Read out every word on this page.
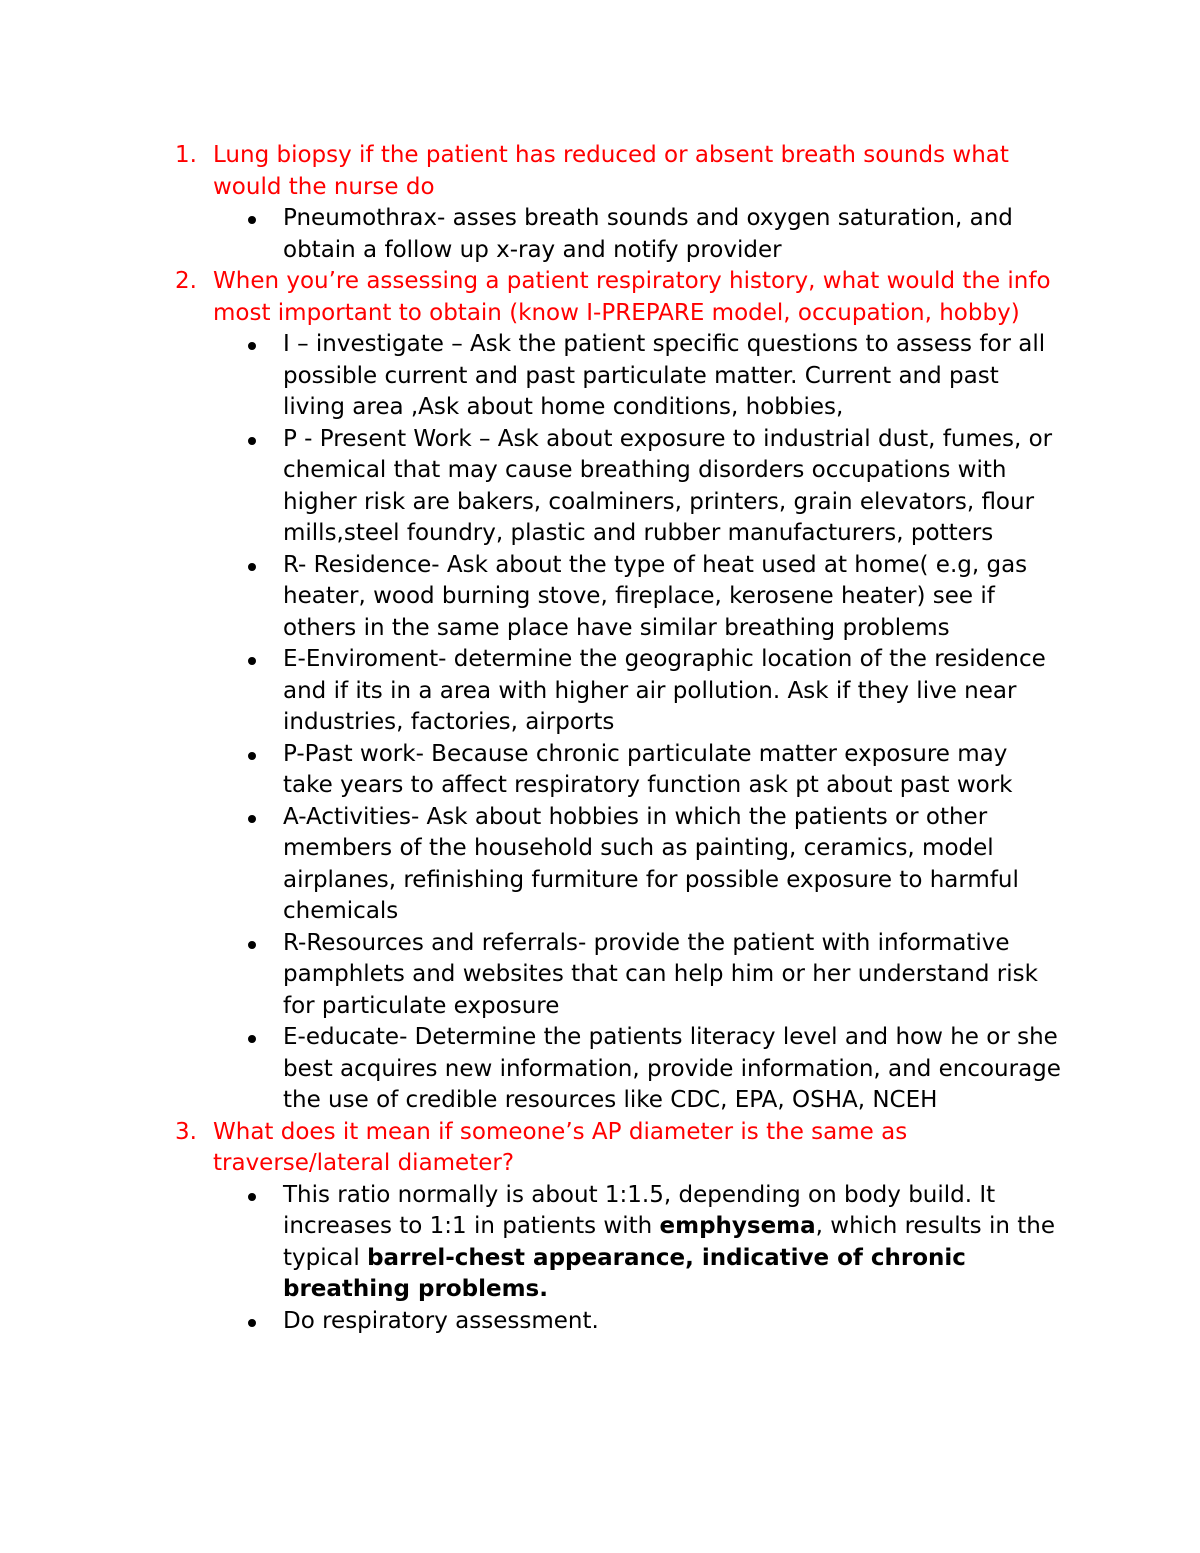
1. Lung biopsy if the patient has reduced or absent breath sounds what would the nurse do
Pneumothrax- asses breath sounds and oxygen saturation, and obtain a follow up x-ray and notify provider
2. When you’re assessing a patient respiratory history, what would the info most important to obtain (know I-PREPARE model, occupation, hobby)
I – investigate – Ask the patient specific questions to assess for all possible current and past particulate matter. Current and past living area ,Ask about home conditions, hobbies,
P - Present Work – Ask about exposure to industrial dust, fumes, or chemical that may cause breathing disorders occupations with higher risk are bakers, coalminers, printers, grain elevators, flour mills,steel foundry, plastic and rubber manufacturers, potters
R- Residence- Ask about the type of heat used at home( e.g, gas heater, wood burning stove, fireplace, kerosene heater) see if others in the same place have similar breathing problems
E-Enviroment- determine the geographic location of the residence and if its in a area with higher air pollution. Ask if they live near industries, factories, airports
P-Past work- Because chronic particulate matter exposure may take years to affect respiratory function ask pt about past work
A-Activities- Ask about hobbies in which the patients or other members of the household such as painting, ceramics, model airplanes, refinishing furmiture for possible exposure to harmful chemicals
R-Resources and referrals- provide the patient with informative pamphlets and websites that can help him or her understand risk for particulate exposure
E-educate- Determine the patients literacy level and how he or she best acquires new information, provide information, and encourage the use of credible resources like CDC, EPA, OSHA, NCEH
3. What does it mean if someone’s AP diameter is the same as traverse/lateral diameter?
This ratio normally is about 1:1.5, depending on body build. It increases to 1:1 in patients with emphysema, which results in the typical barrel-chest appearance, indicative of chronic breathing problems.
Do respiratory assessment.
